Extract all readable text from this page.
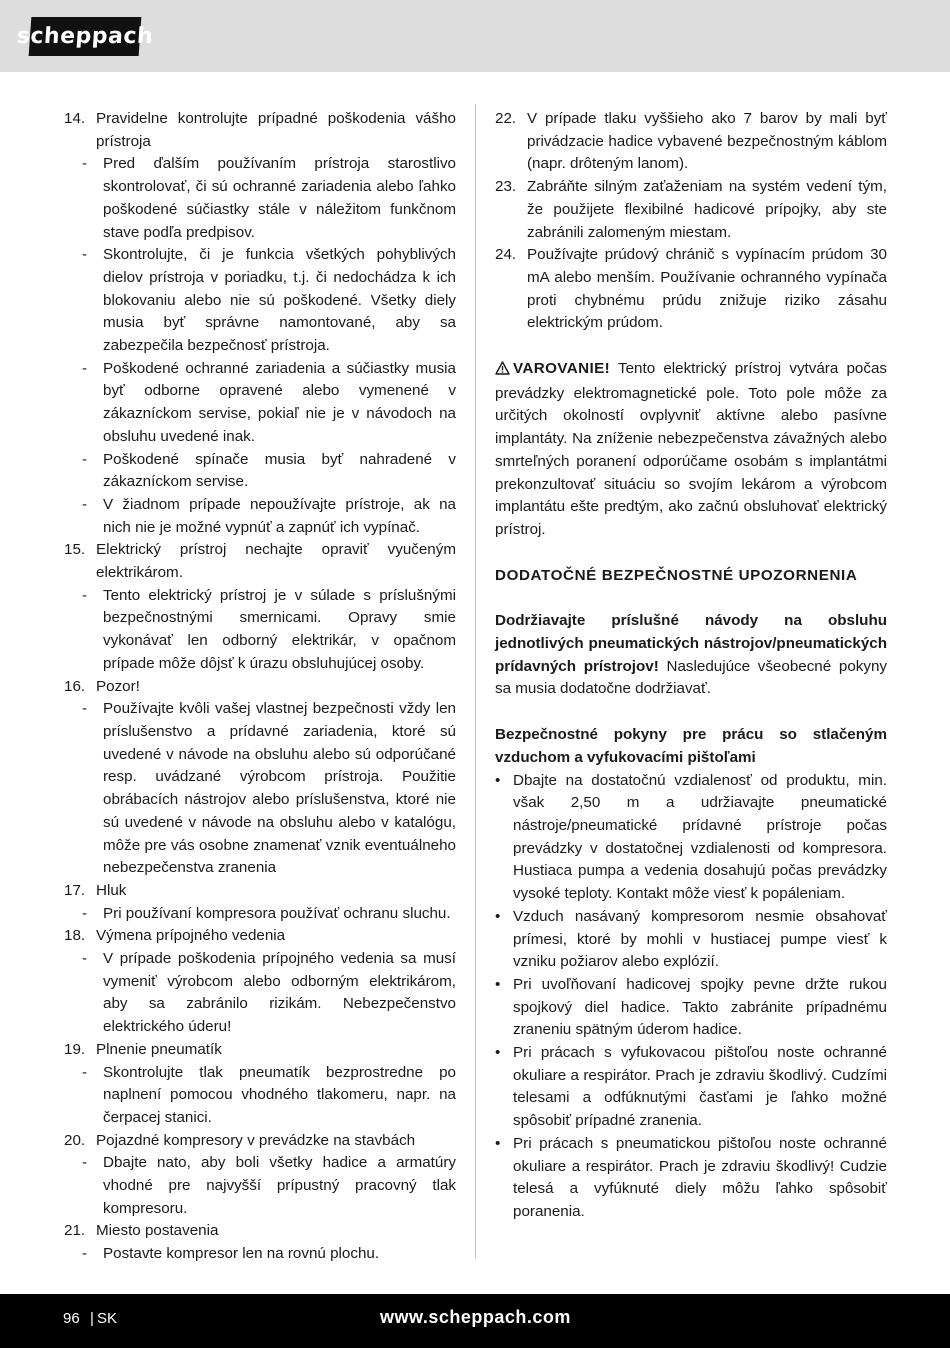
scheppach
14. Pravidelne kontrolujte prípadné poškodenia vášho prístroja
- Pred ďalším používaním prístroja starostlivo skontrolovať, či sú ochranné zariadenia alebo ľahko poškodené súčiastky stále v náležitom funkčnom stave podľa predpisov.
- Skontrolujte, či je funkcia všetkých pohyblivých dielov prístroja v poriadku, t.j. či nedochádza k ich blokovaniu alebo nie sú poškodené. Všetky diely musia byť správne namontované, aby sa zabezpečila bezpečnosť prístroja.
- Poškodené ochranné zariadenia a súčiastky musia byť odborne opravené alebo vymenené v zákazníckom servise, pokiaľ nie je v návodoch na obsluhu uvedené inak.
- Poškodené spínače musia byť nahradené v zákazníckom servise.
- V žiadnom prípade nepoužívajte prístroje, ak na nich nie je možné vypnúť a zapnúť ich vypínač.
15. Elektrický prístroj nechajte opraviť vyučeným elektrikárom.
- Tento elektrický prístroj je v súlade s príslušnými bezpečnostnými smernicami. Opravy smie vykonávať len odborný elektrikár, v opačnom prípade môže dôjsť k úrazu obsluhujúcej osoby.
16. Pozor!
- Používajte kvôli vašej vlastnej bezpečnosti vždy len príslušenstvo a prídavné zariadenia, ktoré sú uvedené v návode na obsluhu alebo sú odporúčané resp. uvádzané výrobcom prístroja. Použitie obrábacích nástrojov alebo príslušenstva, ktoré nie sú uvedené v návode na obsluhu alebo v katalógu, môže pre vás osobne znamenať vznik eventuálneho nebezpečenstva zranenia
17. Hluk
- Pri používaní kompresora používať ochranu sluchu.
18. Výmena prípojného vedenia
- V prípade poškodenia prípojného vedenia sa musí vymeniť výrobcom alebo odborným elektrikárom, aby sa zabránilo rizikám. Nebezpečenstvo elektrického úderu!
19. Plnenie pneumatík
- Skontrolujte tlak pneumatík bezprostredne po naplnení pomocou vhodného tlakomeru, napr. na čerpacej stanici.
20. Pojazdné kompresory v prevádzke na stavbách
- Dbajte nato, aby boli všetky hadice a armatúry vhodné pre najvyšší prípustný pracovný tlak kompresoru.
21. Miesto postavenia
- Postavte kompresor len na rovnú plochu.
22. V prípade tlaku vyššieho ako 7 barov by mali byť privádzacie hadice vybavené bezpečnostným káblom (napr. drôteným lanom).
23. Zabráňte silným zaťaženiam na systém vedení tým, že použijete flexibilné hadicové prípojky, aby ste zabránili zalomeným miestam.
24. Používajte prúdový chránič s vypínacím prúdom 30 mA alebo menším. Používanie ochranného vypínača proti chybnému prúdu znižuje riziko zásahu elektrickým prúdom.
VAROVANIE! Tento elektrický prístroj vytvára počas prevádzky elektromagnetické pole. Toto pole môže za určitých okolností ovplyvniť aktívne alebo pasívne implantáty. Na zníženie nebezpečenstva závažných alebo smrteľných poranení odporúčame osobám s implantátmi prekonzultovať situáciu so svojím lekárom a výrobcom implantátu ešte predtým, ako začnú obsluhovať elektrický prístroj.
DODATOČNÉ BEZPEČNOSTNÉ UPOZORNENIA
Dodržiavajte príslušné návody na obsluhu jednotlivých pneumatických nástrojov/pneumatických prídavných prístrojov! Nasledujúce všeobecné pokyny sa musia dodatočne dodržiavať.
Bezpečnostné pokyny pre prácu so stlačeným vzduchom a vyfukovacími pištoľami
• Dbajte na dostatočnú vzdialenosť od produktu, min. však 2,50 m a udržiavajte pneumatické nástroje/pneumatické prídavné prístroje počas prevádzky v dostatočnej vzdialenosti od kompresora. Hustiaca pumpa a vedenia dosahujú počas prevádzky vysoké teploty. Kontakt môže viesť k popáleniam.
• Vzduch nasávaný kompresorom nesmie obsahovať prímesi, ktoré by mohli v hustiacej pumpe viesť k vzniku požiarov alebo explózií.
• Pri uvoľňovaní hadicovej spojky pevne držte rukou spojkový diel hadice. Takto zabránite prípadnému zraneniu spätným úderom hadice.
• Pri prácach s vyfukovacou pištoľou noste ochranné okuliare a respirátor. Prach je zdraviu škodlivý. Cudzími telesami a odfúknutými časťami je ľahko možné spôsobiť prípadné zranenia.
• Pri prácach s pneumatickou pištoľou noste ochranné okuliare a respirátor. Prach je zdraviu škodlivý! Cudzie telesá a vyfúknuté diely môžu ľahko spôsobiť poranenia.
96 | SK	www.scheppach.com
